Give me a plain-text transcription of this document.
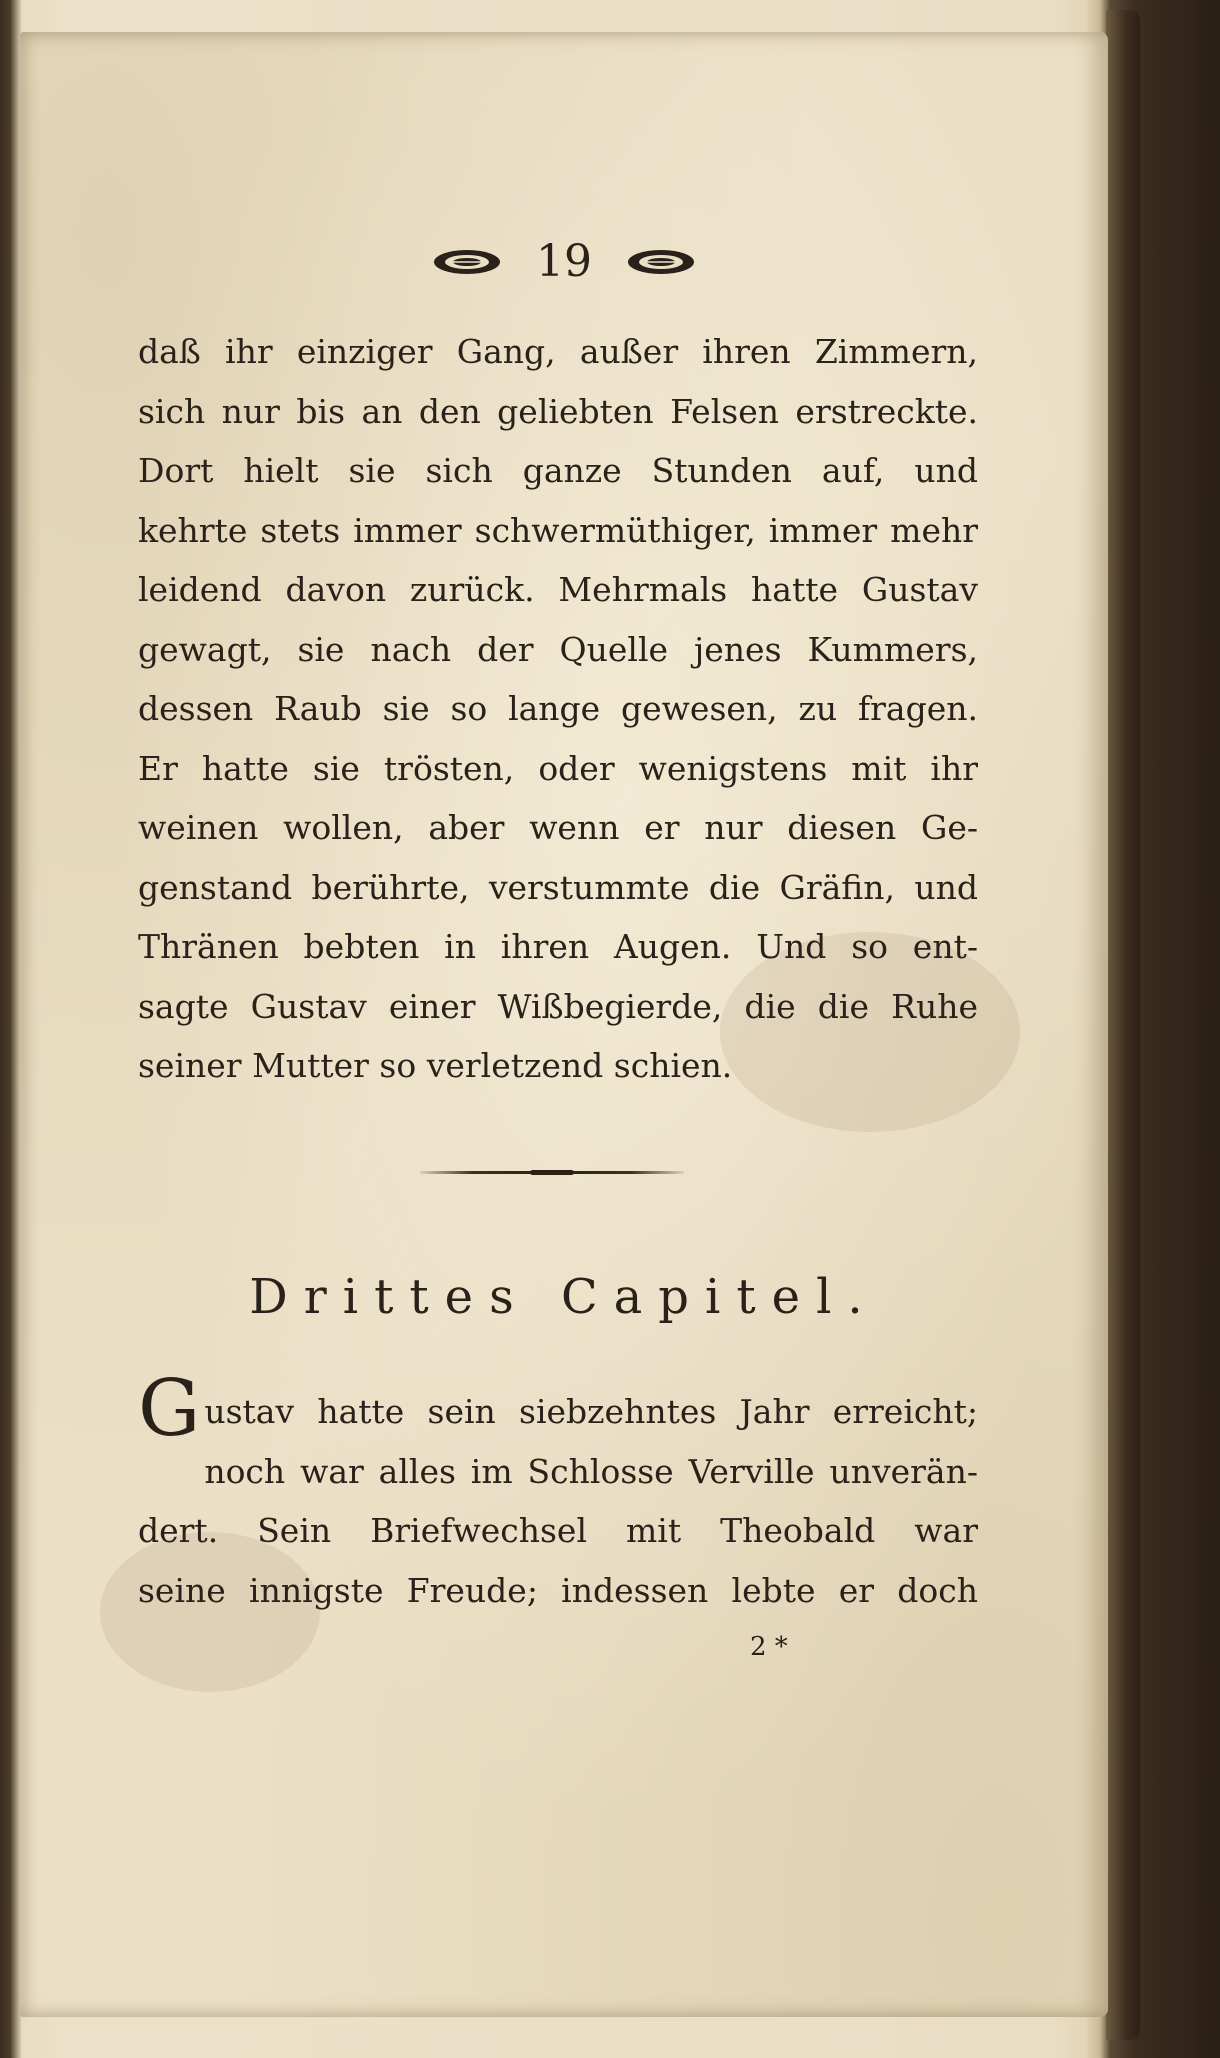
19
daß ihr einziger Gang, außer ihren Zimmern,
sich nur bis an den geliebten Felsen erstreckte.
Dort hielt sie sich ganze Stunden auf, und
kehrte stets immer schwermüthiger, immer mehr
leidend davon zurück. Mehrmals hatte Gustav
gewagt, sie nach der Quelle jenes Kummers,
dessen Raub sie so lange gewesen, zu fragen.
Er hatte sie trösten, oder wenigstens mit ihr
weinen wollen, aber wenn er nur diesen Ge-
genstand berührte, verstummte die Gräfin, und
Thränen bebten in ihren Augen. Und so ent-
sagte Gustav einer Wißbegierde, die die Ruhe
seiner Mutter so verletzend schien.
Drittes Capitel.
G ustav hatte sein siebzehntes Jahr erreicht;
noch war alles im Schlosse Verville unverän-
dert. Sein Briefwechsel mit Theobald war
seine innigste Freude; indessen lebte er doch
2 *
